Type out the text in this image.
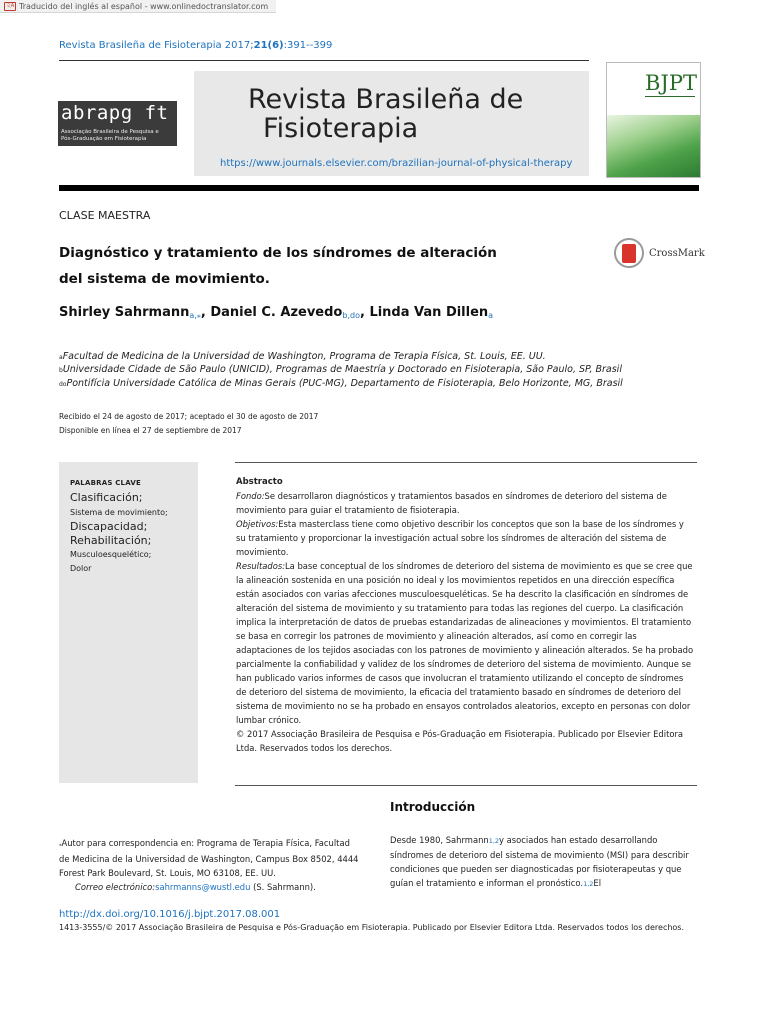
文A Traducido del inglés al español - www.onlinedoctranslator.com
Revista Brasileña de Fisioterapia 2017;21(6):391--399
abrapg ft
Associação Brasileira de Pesquisa e
Pós-Graduação em Fisioterapia
Revista Brasileña de
Fisioterapia
https://www.journals.elsevier.com/brazilian-journal-of-physical-therapy
BJPT
CLASE MAESTRA
Diagnóstico y tratamiento de los síndromes de alteración
del sistema de movimiento.
CrossMark
Shirley Sahrmann$_{a,⁎}$, Daniel C. Azevedo$_{b,do}$, Linda Van Dillen$_a$
aFacultad de Medicina de la Universidad de Washington, Programa de Terapia Física, St. Louis, EE. UU.
bUniversidade Cidade de São Paulo (UNICID), Programas de Maestría y Doctorado en Fisioterapia, São Paulo, SP, Brasil
doPontifícia Universidade Católica de Minas Gerais (PUC-MG), Departamento de Fisioterapia, Belo Horizonte, MG, Brasil
Recibido el 24 de agosto de 2017; aceptado el 30 de agosto de 2017
Disponible en línea el 27 de septiembre de 2017
PALABRAS CLAVE
Clasificación;
Sistema de movimiento;
Discapacidad;
Rehabilitación;
Musculoesquelético;
Dolor

Abstracto

Fondo:Se desarrollaron diagnósticos y tratamientos basados en síndromes de deterioro del sistema de movimiento para guiar el tratamiento de fisioterapia.

Objetivos:Esta masterclass tiene como objetivo describir los conceptos que son la base de los síndromes y su tratamiento y proporcionar la investigación actual sobre los síndromes de alteración del sistema de movimiento.

Resultados:La base conceptual de los síndromes de deterioro del sistema de movimiento es que se cree que la alineación sostenida en una posición no ideal y los movimientos repetidos en una dirección específica están asociados con varias afecciones musculoesqueléticas. Se ha descrito la clasificación en síndromes de alteración del sistema de movimiento y su tratamiento para todas las regiones del cuerpo. La clasificación implica la interpretación de datos de pruebas estandarizadas de alineaciones y movimientos. El tratamiento se basa en corregir los patrones de movimiento y alineación alterados, así como en corregir las adaptaciones de los tejidos asociadas con los patrones de movimiento y alineación alterados. Se ha probado parcialmente la confiabilidad y validez de los síndromes de deterioro del sistema de movimiento. Aunque se han publicado varios informes de casos que involucran el tratamiento utilizando el concepto de síndromes de deterioro del sistema de movimiento, la eficacia del tratamiento basado en síndromes de deterioro del sistema de movimiento no se ha probado en ensayos controlados aleatorios, excepto en personas con dolor lumbar crónico.

© 2017 Associação Brasileira de Pesquisa e Pós-Graduação em Fisioterapia. Publicado por Elsevier Editora Ltda. Reservados todos los derechos.

Introducción
Desde 1980, Sahrmann1,2y asociados han estado desarrollando síndromes de deterioro del sistema de movimiento (MSI) para describir condiciones que pueden ser diagnosticadas por fisioterapeutas y que guían el tratamiento e informan el pronóstico.1,2El
⁎Autor para correspondencia en: Programa de Terapia Física, Facultad de Medicina de la Universidad de Washington, Campus Box 8502, 4444 Forest Park Boulevard, St. Louis, MO 63108, EE. UU.
Correo electrónico:sahrmanns@wustl.edu (S. Sahrmann).
http://dx.doi.org/10.1016/j.bjpt.2017.08.001
1413-3555/© 2017 Associação Brasileira de Pesquisa e Pós-Graduação em Fisioterapia. Publicado por Elsevier Editora Ltda. Reservados todos los derechos.
